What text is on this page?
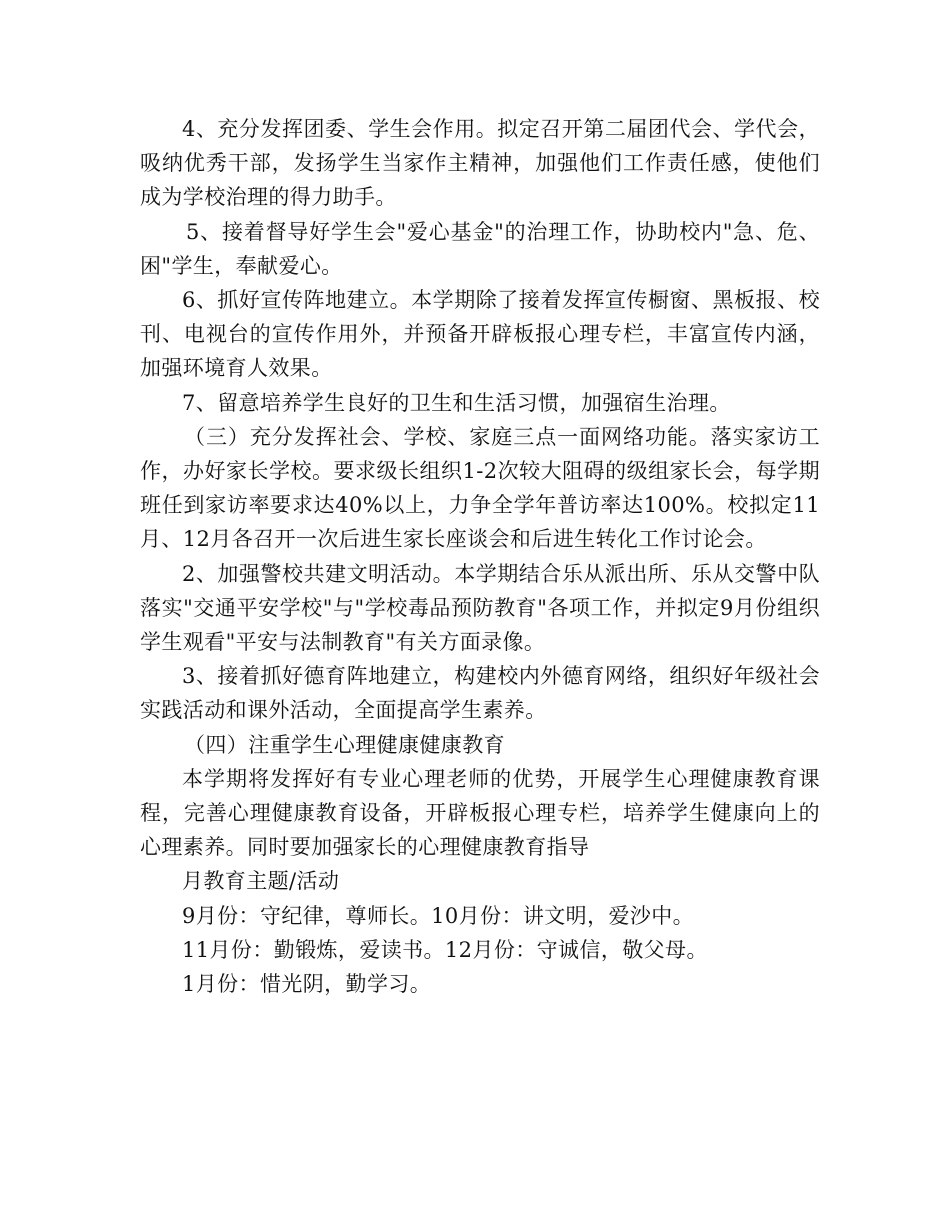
4、充分发挥团委、学生会作用。拟定召开第二届团代会、学代会，吸纳优秀干部，发扬学生当家作主精神，加强他们工作责任感，使他们成为学校治理的得力助手。

5、接着督导好学生会"爱心基金"的治理工作，协助校内"急、危、困"学生，奉献爱心。

6、抓好宣传阵地建立。本学期除了接着发挥宣传橱窗、黑板报、校刊、电视台的宣传作用外，并预备开辟板报心理专栏，丰富宣传内涵，加强环境育人效果。

7、留意培养学生良好的卫生和生活习惯，加强宿生治理。

（三）充分发挥社会、学校、家庭三点一面网络功能。落实家访工作，办好家长学校。要求级长组织1-2次较大阻碍的级组家长会，每学期班任到家访率要求达40%以上，力争全学年普访率达100%。校拟定11月、12月各召开一次后进生家长座谈会和后进生转化工作讨论会。

2、加强警校共建文明活动。本学期结合乐从派出所、乐从交警中队落实"交通平安学校"与"学校毒品预防教育"各项工作，并拟定9月份组织学生观看"平安与法制教育"有关方面录像。

3、接着抓好德育阵地建立，构建校内外德育网络，组织好年级社会实践活动和课外活动，全面提高学生素养。

（四）注重学生心理健康健康教育

本学期将发挥好有专业心理老师的优势，开展学生心理健康教育课程，完善心理健康教育设备，开辟板报心理专栏，培养学生健康向上的心理素养。同时要加强家长的心理健康教育指导

月教育主题/活动

9月份：守纪律，尊师长。10月份：讲文明，爱沙中。

11月份：勤锻炼，爱读书。12月份：守诚信，敬父母。

1月份：惜光阴，勤学习。
